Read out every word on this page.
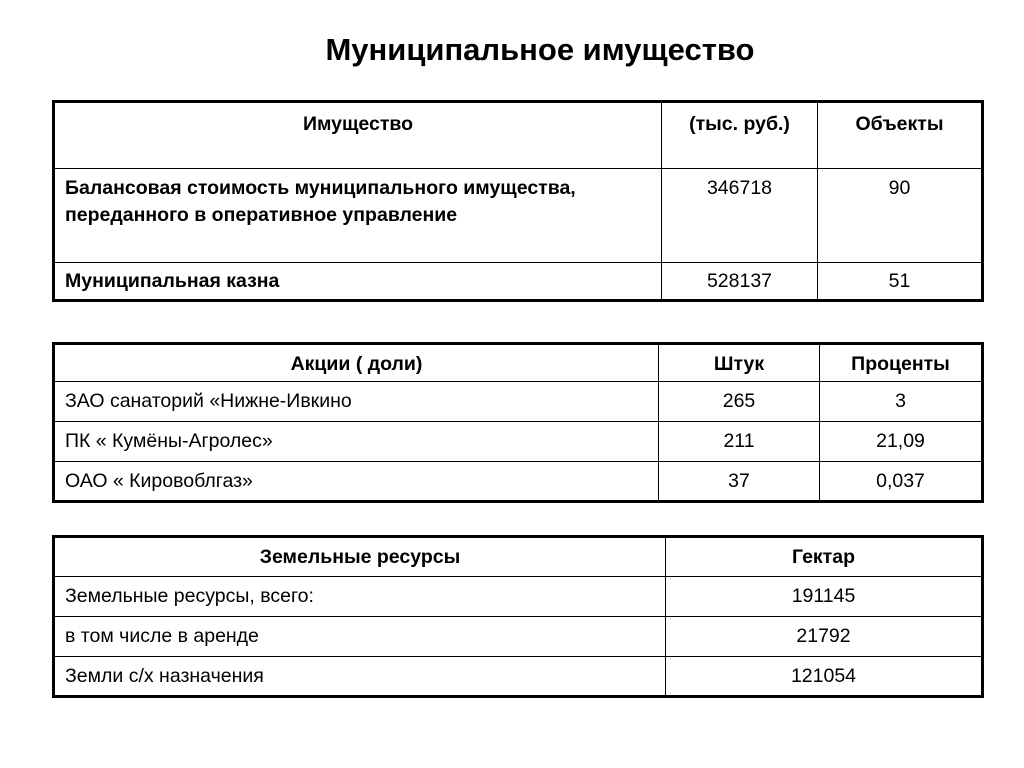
Муниципальное имущество
Имущество	(тыс. руб.)	Объекты
Балансовая стоимость муниципального имущества, переданного в оперативное управление	346718	90
Муниципальная казна	528137	51
Акции ( доли)	Штук	Проценты
ЗАО санаторий «Нижне-Ивкино	265	3
ПК « Кумёны-Агролес»	211	21,09
ОАО « Кировоблгаз»	37	0,037
Земельные ресурсы	Гектар
Земельные ресурсы, всего:	191145
в том числе в аренде	21792
Земли с/х назначения	121054
